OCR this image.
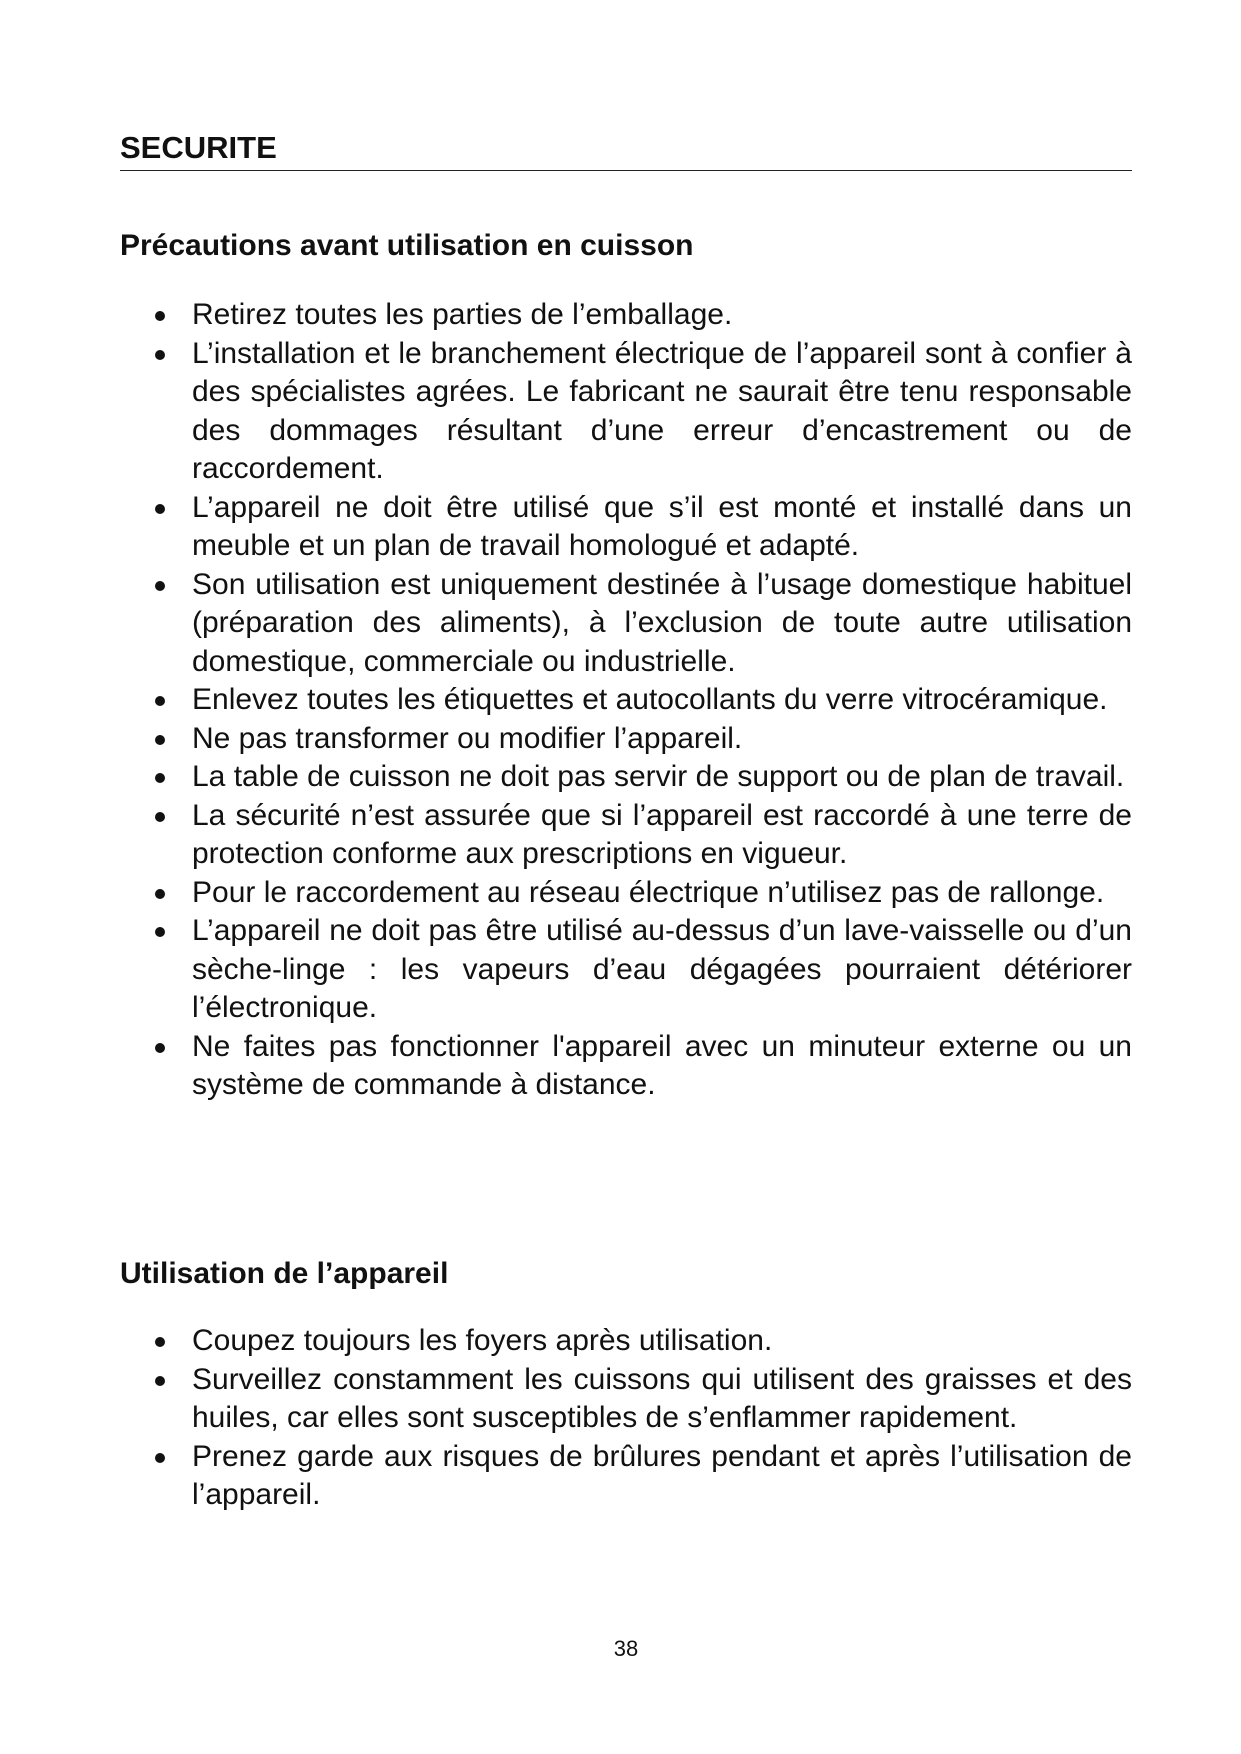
SECURITE
Précautions avant utilisation en cuisson
Retirez toutes les parties de l’emballage.
L’installation et le branchement électrique de l’appareil sont à confier à des spécialistes agrées. Le fabricant ne saurait être tenu responsable des dommages résultant d’une erreur d’encastrement ou de raccordement.
L’appareil ne doit être utilisé que s’il est monté et installé dans un meuble et un plan de travail homologué et adapté.
Son utilisation est uniquement destinée à l’usage domestique habituel (préparation des aliments), à l’exclusion de toute autre utilisation domestique, commerciale ou industrielle.
Enlevez toutes les étiquettes et autocollants du verre vitrocéramique.
Ne pas transformer ou modifier l’appareil.
La table de cuisson ne doit pas servir de support ou de plan de travail.
La sécurité n’est assurée que si l’appareil est raccordé à une terre de protection conforme aux prescriptions en vigueur.
Pour le raccordement au réseau électrique n’utilisez pas de rallonge.
L’appareil ne doit pas être utilisé au-dessus d’un lave-vaisselle ou d’un sèche-linge : les vapeurs d’eau dégagées pourraient détériorer l’électronique.
Ne faites pas fonctionner l'appareil avec un minuteur externe ou un système de commande à distance.
Utilisation de l’appareil
Coupez toujours les foyers après utilisation.
Surveillez constamment les cuissons qui utilisent des graisses et des huiles, car elles sont susceptibles de s’enflammer rapidement.
Prenez garde aux risques de brûlures pendant et après l’utilisation de l’appareil.
38
